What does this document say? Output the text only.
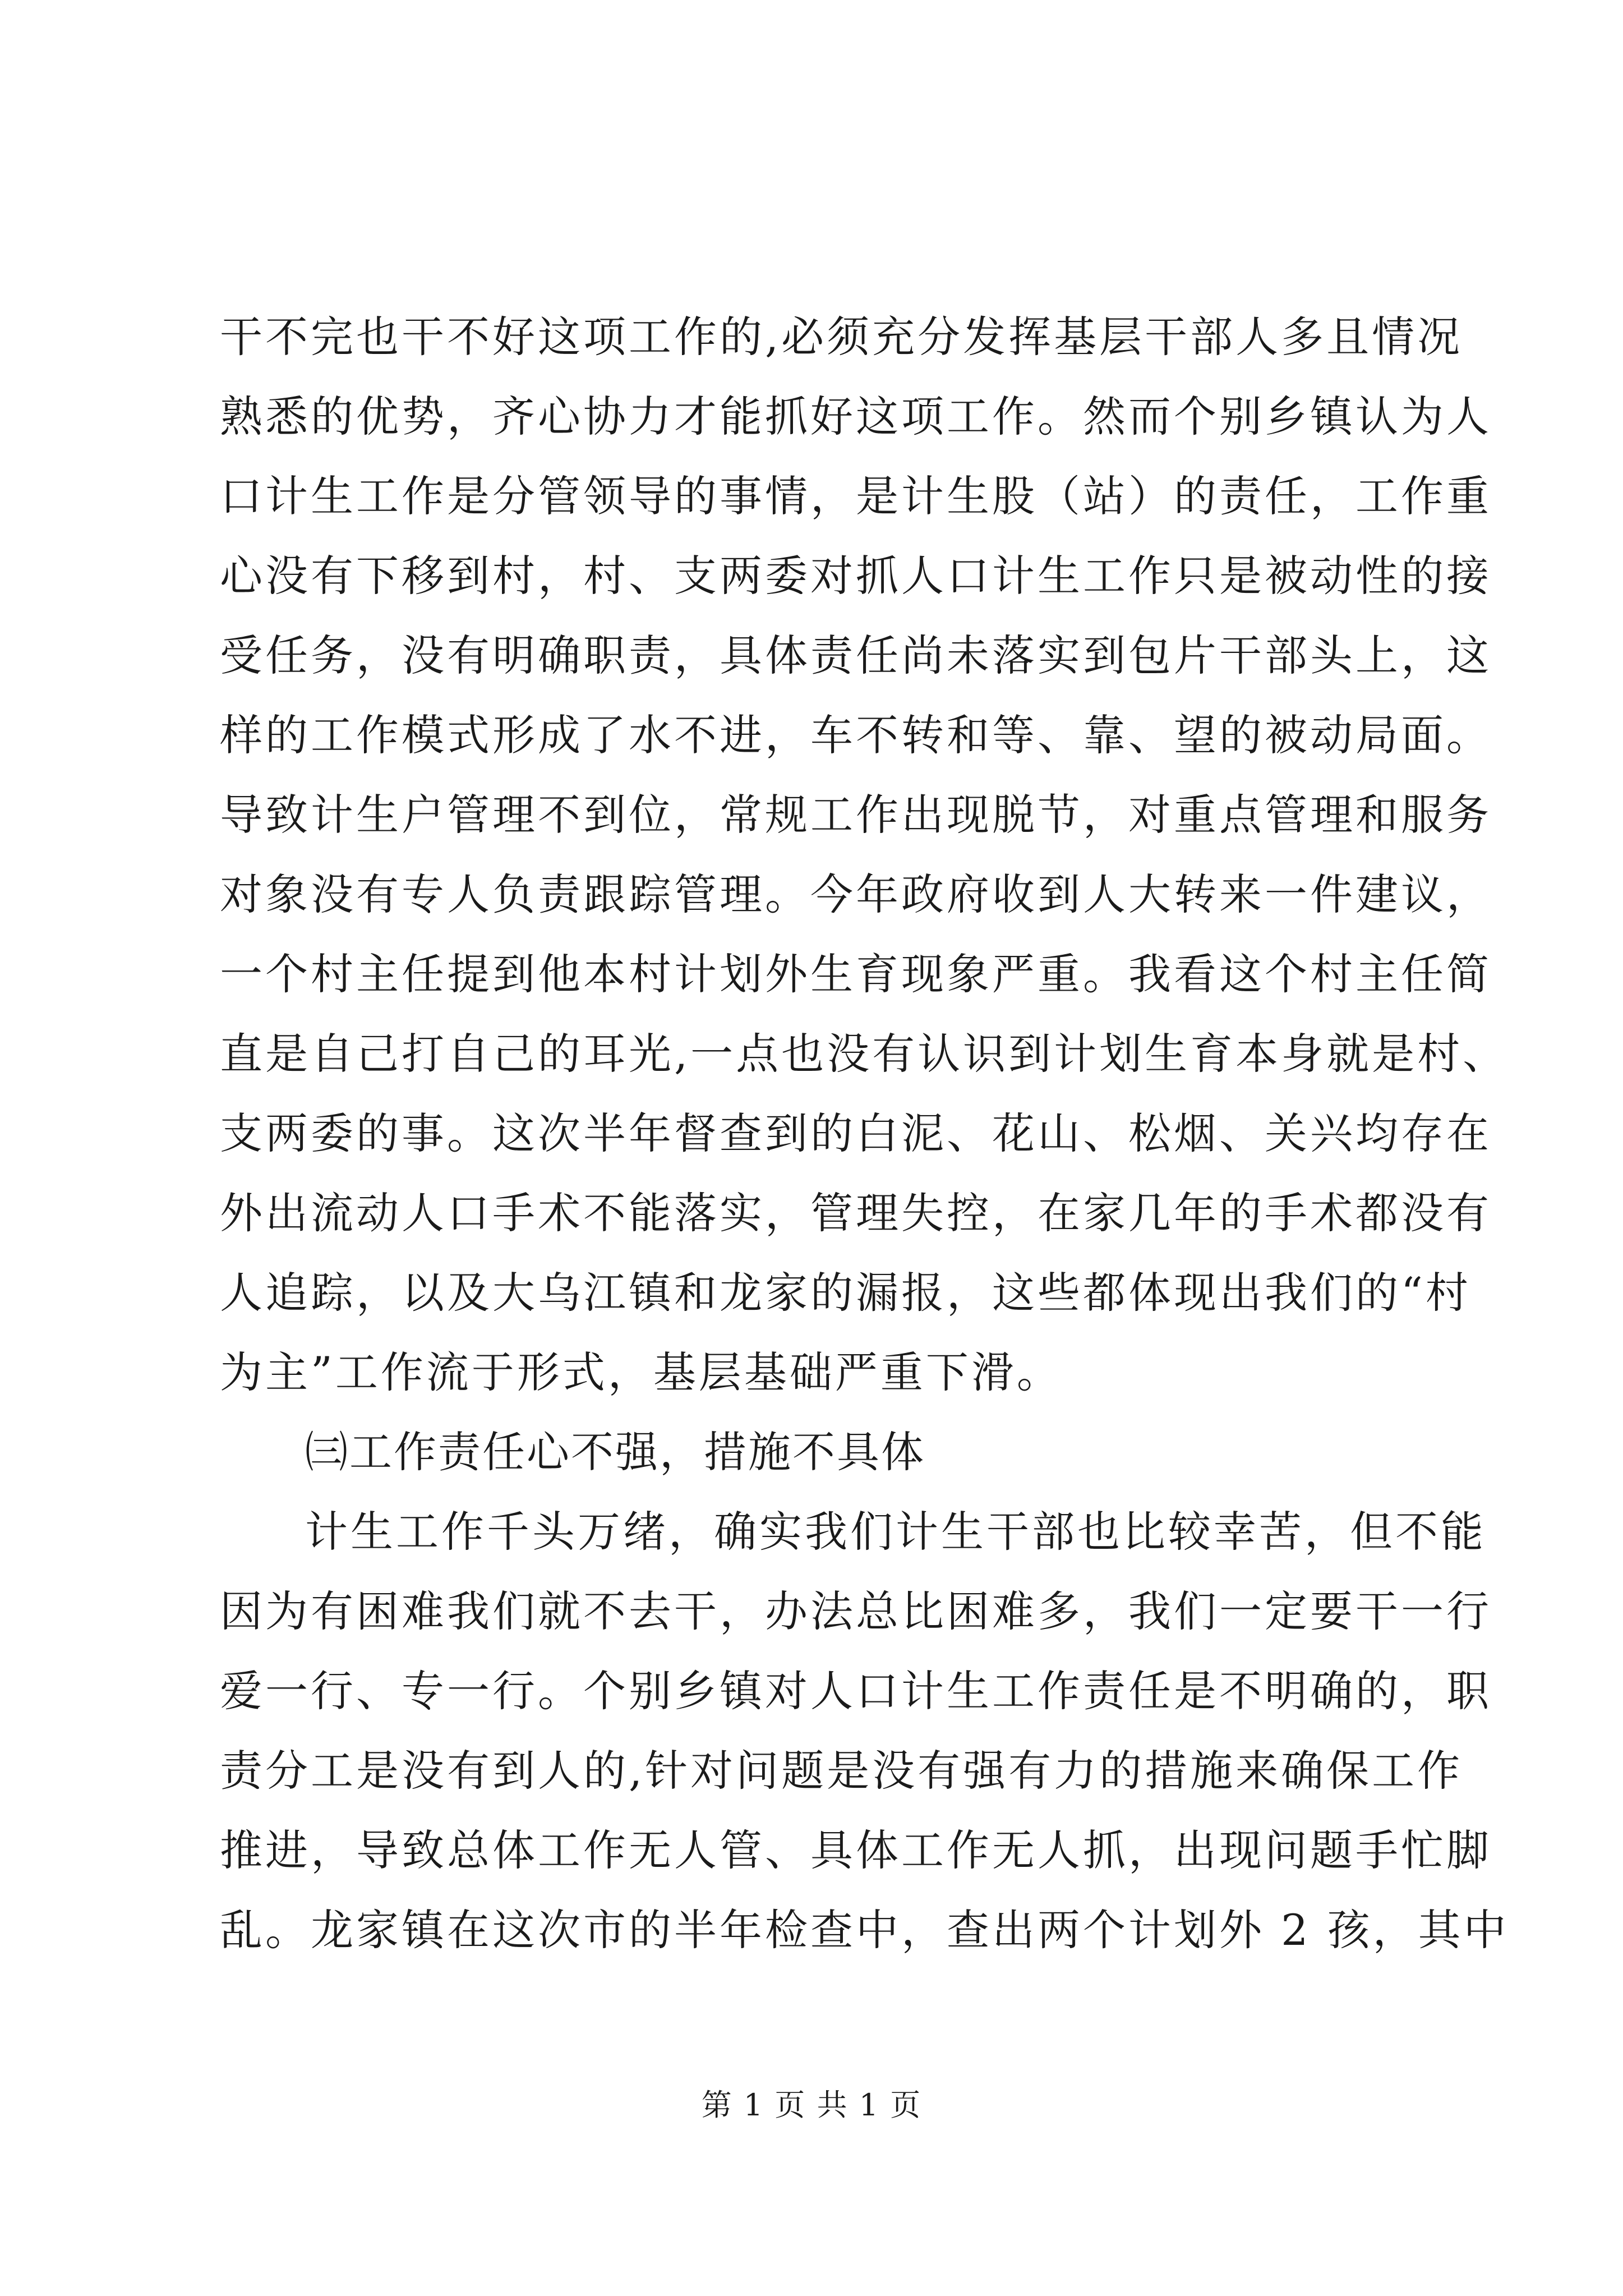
干不完也干不好这项工作的,必须充分发挥基层干部人多且情况
熟悉的优势，齐心协力才能抓好这项工作。然而个别乡镇认为人
口计生工作是分管领导的事情，是计生股（站）的责任，工作重
心没有下移到村，村、支两委对抓人口计生工作只是被动性的接
受任务，没有明确职责，具体责任尚未落实到包片干部头上，这
样的工作模式形成了水不进，车不转和等、靠、望的被动局面。
导致计生户管理不到位，常规工作出现脱节，对重点管理和服务
对象没有专人负责跟踪管理。今年政府收到人大转来一件建议，
一个村主任提到他本村计划外生育现象严重。我看这个村主任简
直是自己打自己的耳光,一点也没有认识到计划生育本身就是村、
支两委的事。这次半年督查到的白泥、花山、松烟、关兴均存在
外出流动人口手术不能落实，管理失控，在家几年的手术都没有
人追踪，以及大乌江镇和龙家的漏报，这些都体现出我们的“村
为主”工作流于形式，基层基础严重下滑。
㈢工作责任心不强，措施不具体
计生工作千头万绪，确实我们计生干部也比较幸苦，但不能
因为有困难我们就不去干，办法总比困难多，我们一定要干一行
爱一行、专一行。个别乡镇对人口计生工作责任是不明确的，职
责分工是没有到人的,针对问题是没有强有力的措施来确保工作
推进，导致总体工作无人管、具体工作无人抓，出现问题手忙脚
乱。龙家镇在这次市的半年检查中，查出两个计划外 2 孩，其中
第 1 页 共 1 页
